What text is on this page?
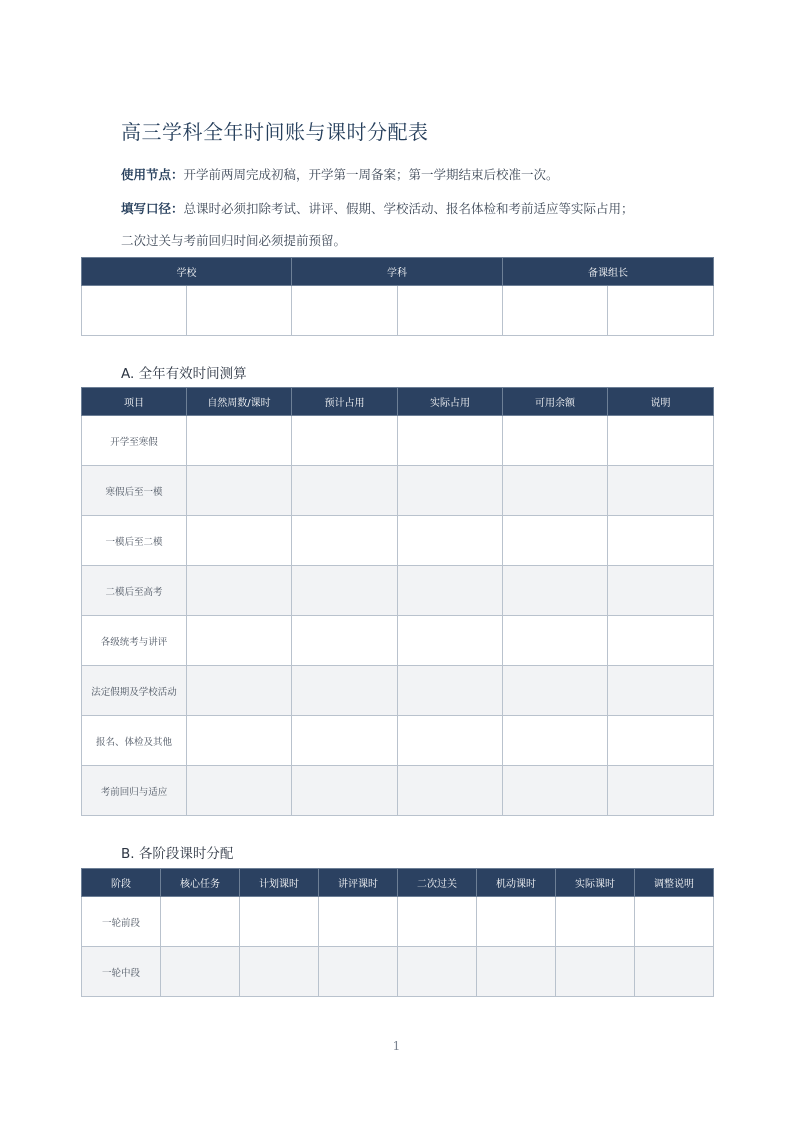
高三学科全年时间账与课时分配表
使用节点：开学前两周完成初稿，开学第一周备案；第一学期结束后校准一次。
填写口径：总课时必须扣除考试、讲评、假期、学校活动、报名体检和考前适应等实际占用；
二次过关与考前回归时间必须提前预留。
学校		学科		备课组长	

A. 全年有效时间测算
项目	自然周数/课时	预计占用	实际占用	可用余额	说明
开学至寒假					
寒假后至一模					
一模后至二模					
二模后至高考					
各级统考与讲评					
法定假期及学校活动					
报名、体检及其他					
考前回归与适应					
B. 各阶段课时分配
阶段	核心任务	计划课时	讲评课时	二次过关	机动课时	实际课时	调整说明
一轮前段							
一轮中段							
1
